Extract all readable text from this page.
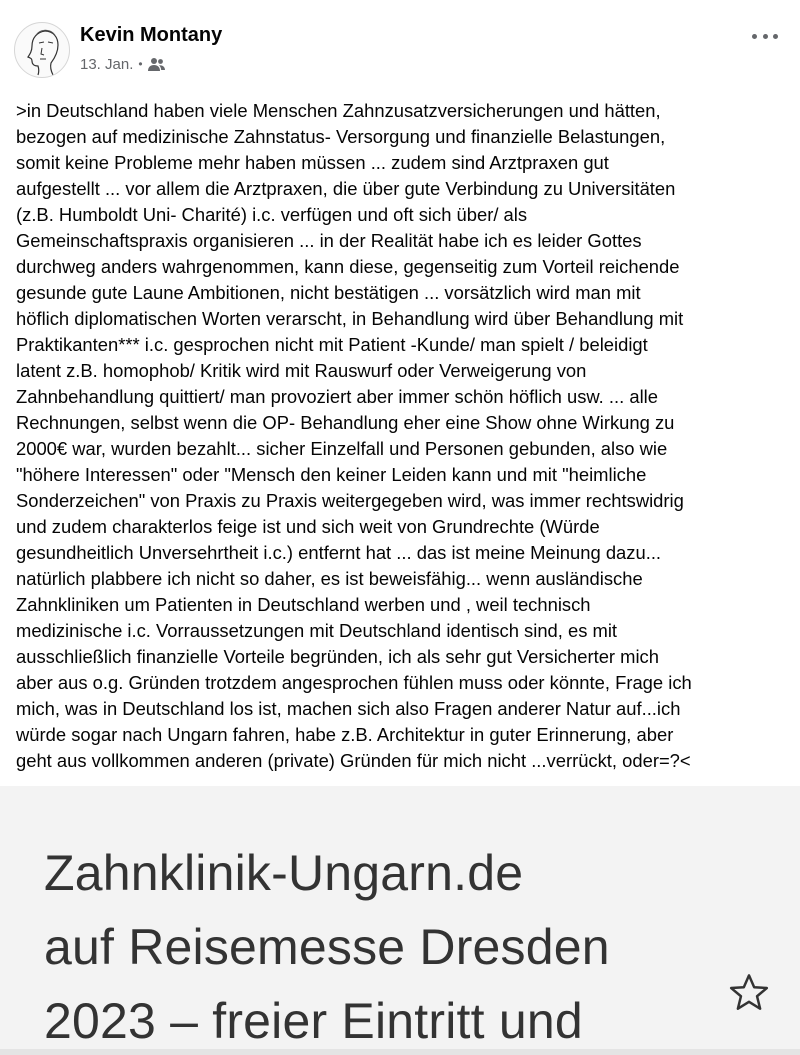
Kevin Montany
13. Jan. •

>in Deutschland haben viele Menschen Zahnzusatzversicherungen und hätten,
bezogen auf medizinische Zahnstatus- Versorgung und finanzielle Belastungen,
somit keine Probleme mehr haben müssen ... zudem sind Arztpraxen gut
aufgestellt ... vor allem die Arztpraxen, die über gute Verbindung zu Universitäten
(z.B. Humboldt Uni- Charité) i.c. verfügen und oft sich über/ als
Gemeinschaftspraxis organisieren ... in der Realität habe ich es leider Gottes
durchweg anders wahrgenommen, kann diese, gegenseitig zum Vorteil reichende
gesunde gute Laune Ambitionen, nicht bestätigen ... vorsätzlich wird man mit
höflich diplomatischen Worten verarscht, in Behandlung wird über Behandlung mit
Praktikanten*** i.c. gesprochen nicht mit Patient -Kunde/ man spielt / beleidigt
latent z.B. homophob/ Kritik wird mit Rauswurf oder Verweigerung von
Zahnbehandlung quittiert/ man provoziert aber immer schön höflich usw. ... alle
Rechnungen, selbst wenn die OP- Behandlung eher eine Show ohne Wirkung zu
2000€ war, wurden bezahlt... sicher Einzelfall und Personen gebunden, also wie
"höhere Interessen" oder "Mensch den keiner Leiden kann und mit "heimliche
Sonderzeichen" von Praxis zu Praxis weitergegeben wird, was immer rechtswidrig
und zudem charakterlos feige ist und sich weit von Grundrechte (Würde
gesundheitlich Unversehrtheit i.c.) entfernt hat ... das ist meine Meinung dazu...
natürlich plabbere ich nicht so daher, es ist beweisfähig... wenn ausländische
Zahnkliniken um Patienten in Deutschland werben und , weil technisch
medizinische i.c. Vorraussetzungen mit Deutschland identisch sind, es mit
ausschließlich finanzielle Vorteile begründen, ich als sehr gut Versicherter mich
aber aus o.g. Gründen trotzdem angesprochen fühlen muss oder könnte, Frage ich
mich, was in Deutschland los ist, machen sich also Fragen anderer Natur auf...ich
würde sogar nach Ungarn fahren, habe z.B. Architektur in guter Erinnerung, aber
geht aus vollkommen anderen (private) Gründen für mich nicht ...verrückt, oder=?<

Zahnklinik-Ungarn.de
auf Reisemesse Dresden
2023 – freier Eintritt und
